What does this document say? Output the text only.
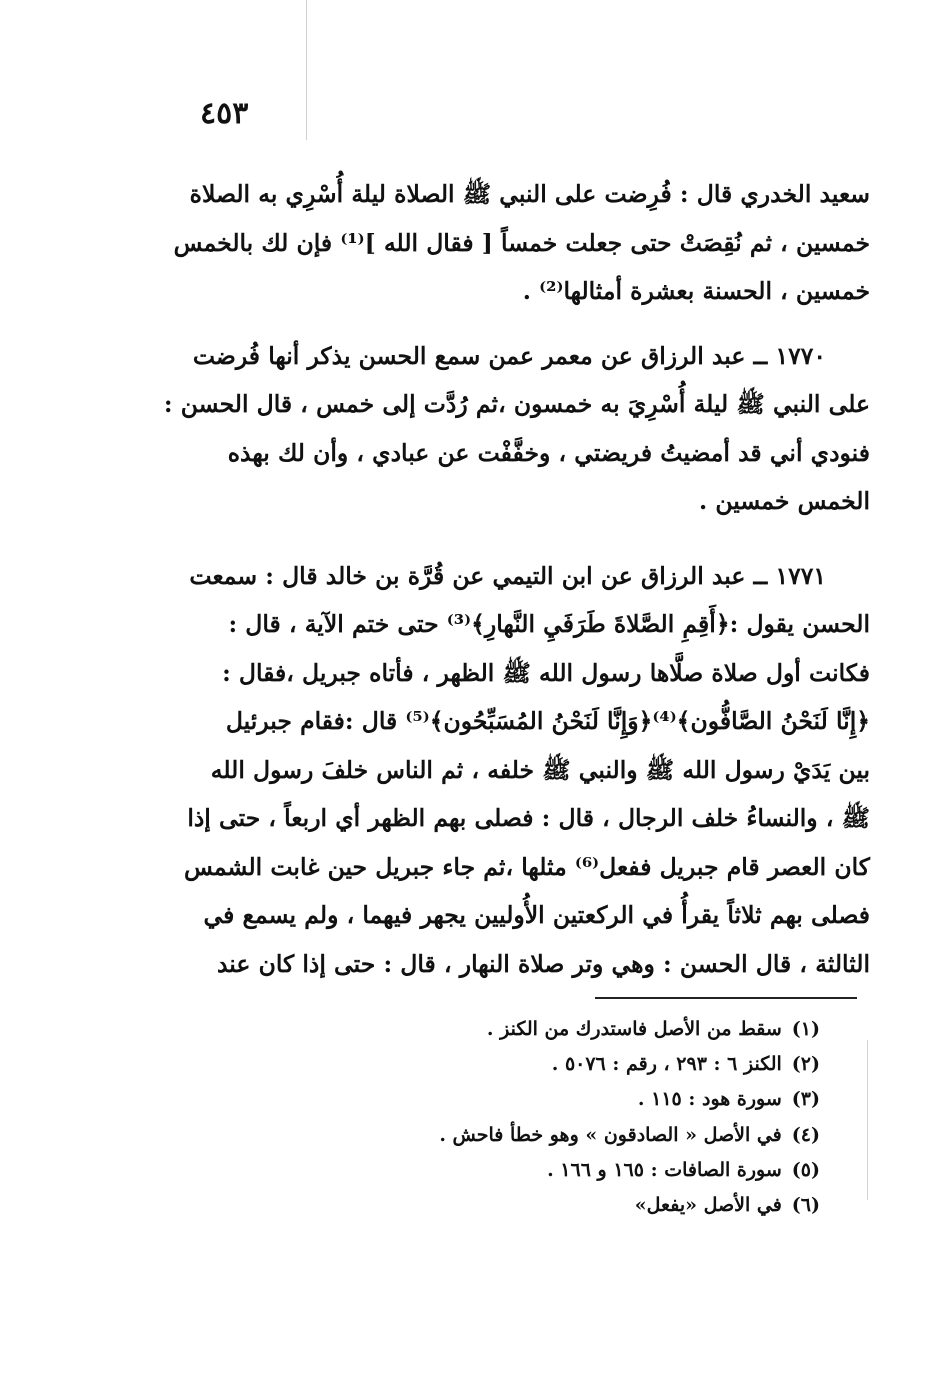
٤٥٣

سعيد الخدري قال : فُرِضت على النبي ﷺ الصلاة ليلة أُسْرِي به الصلاة
خمسين ، ثم نُقِصَتْ حتى جعلت خمساً [ فقال الله ]⁽¹⁾ فإن لك بالخمس
خمسين ، الحسنة بعشرة أمثالها⁽²⁾ .

١٧٧٠ ــ عبد الرزاق عن معمر عمن سمع الحسن يذكر أنها فُرضت
على النبي ﷺ ليلة أُسْرِيَ به خمسون ،ثم رُدَّت إلى خمس ، قال الحسن :
فنودي أني قد أمضيتُ فريضتي ، وخفَّفْت عن عبادي ، وأن لك بهذه
الخمس خمسين .

١٧٧١ ــ عبد الرزاق عن ابن التيمي عن قُرَّة بن خالد قال : سمعت
الحسن يقول :﴿أَقِمِ الصَّلاةَ طَرَفَيِ النَّهارِ﴾⁽³⁾ حتى ختم الآية ، قال :
فكانت أول صلاة صلَّاها رسول الله ﷺ الظهر ، فأتاه جبريل ،فقال :
﴿إِنَّا لَنَحْنُ الصَّافُّون﴾⁽⁴⁾﴿وَإِنَّا لَنَحْنُ المُسَبِّحُون﴾⁽⁵⁾ قال :فقام جبرئيل
بين يَدَيْ رسول الله ﷺ والنبي ﷺ خلفه ، ثم الناس خلفَ رسول الله
ﷺ ، والنساءُ خلف الرجال ، قال : فصلى بهم الظهر أي اربعاً ، حتى إذا
كان العصر قام جبريل ففعل⁽⁶⁾ مثلها ،ثم جاء جبريل حين غابت الشمس
فصلى بهم ثلاثاً يقرأُ في الركعتين الأُوليين يجهر فيهما ، ولم يسمع في
الثالثة ، قال الحسن : وهي وتر صلاة النهار ، قال : حتى إذا كان عند

(١)سقط من الأصل فاستدرك من الكنز .
(٢)الكنز ٦ : ٢٩٣ ، رقم : ٥٠٧٦ .
(٣)سورة هود : ١١٥ .
(٤)في الأصل « الصادقون » وهو خطأ فاحش .
(٥)سورة الصافات : ١٦٥ و ١٦٦ .
(٦)في الأصل «يفعل»
